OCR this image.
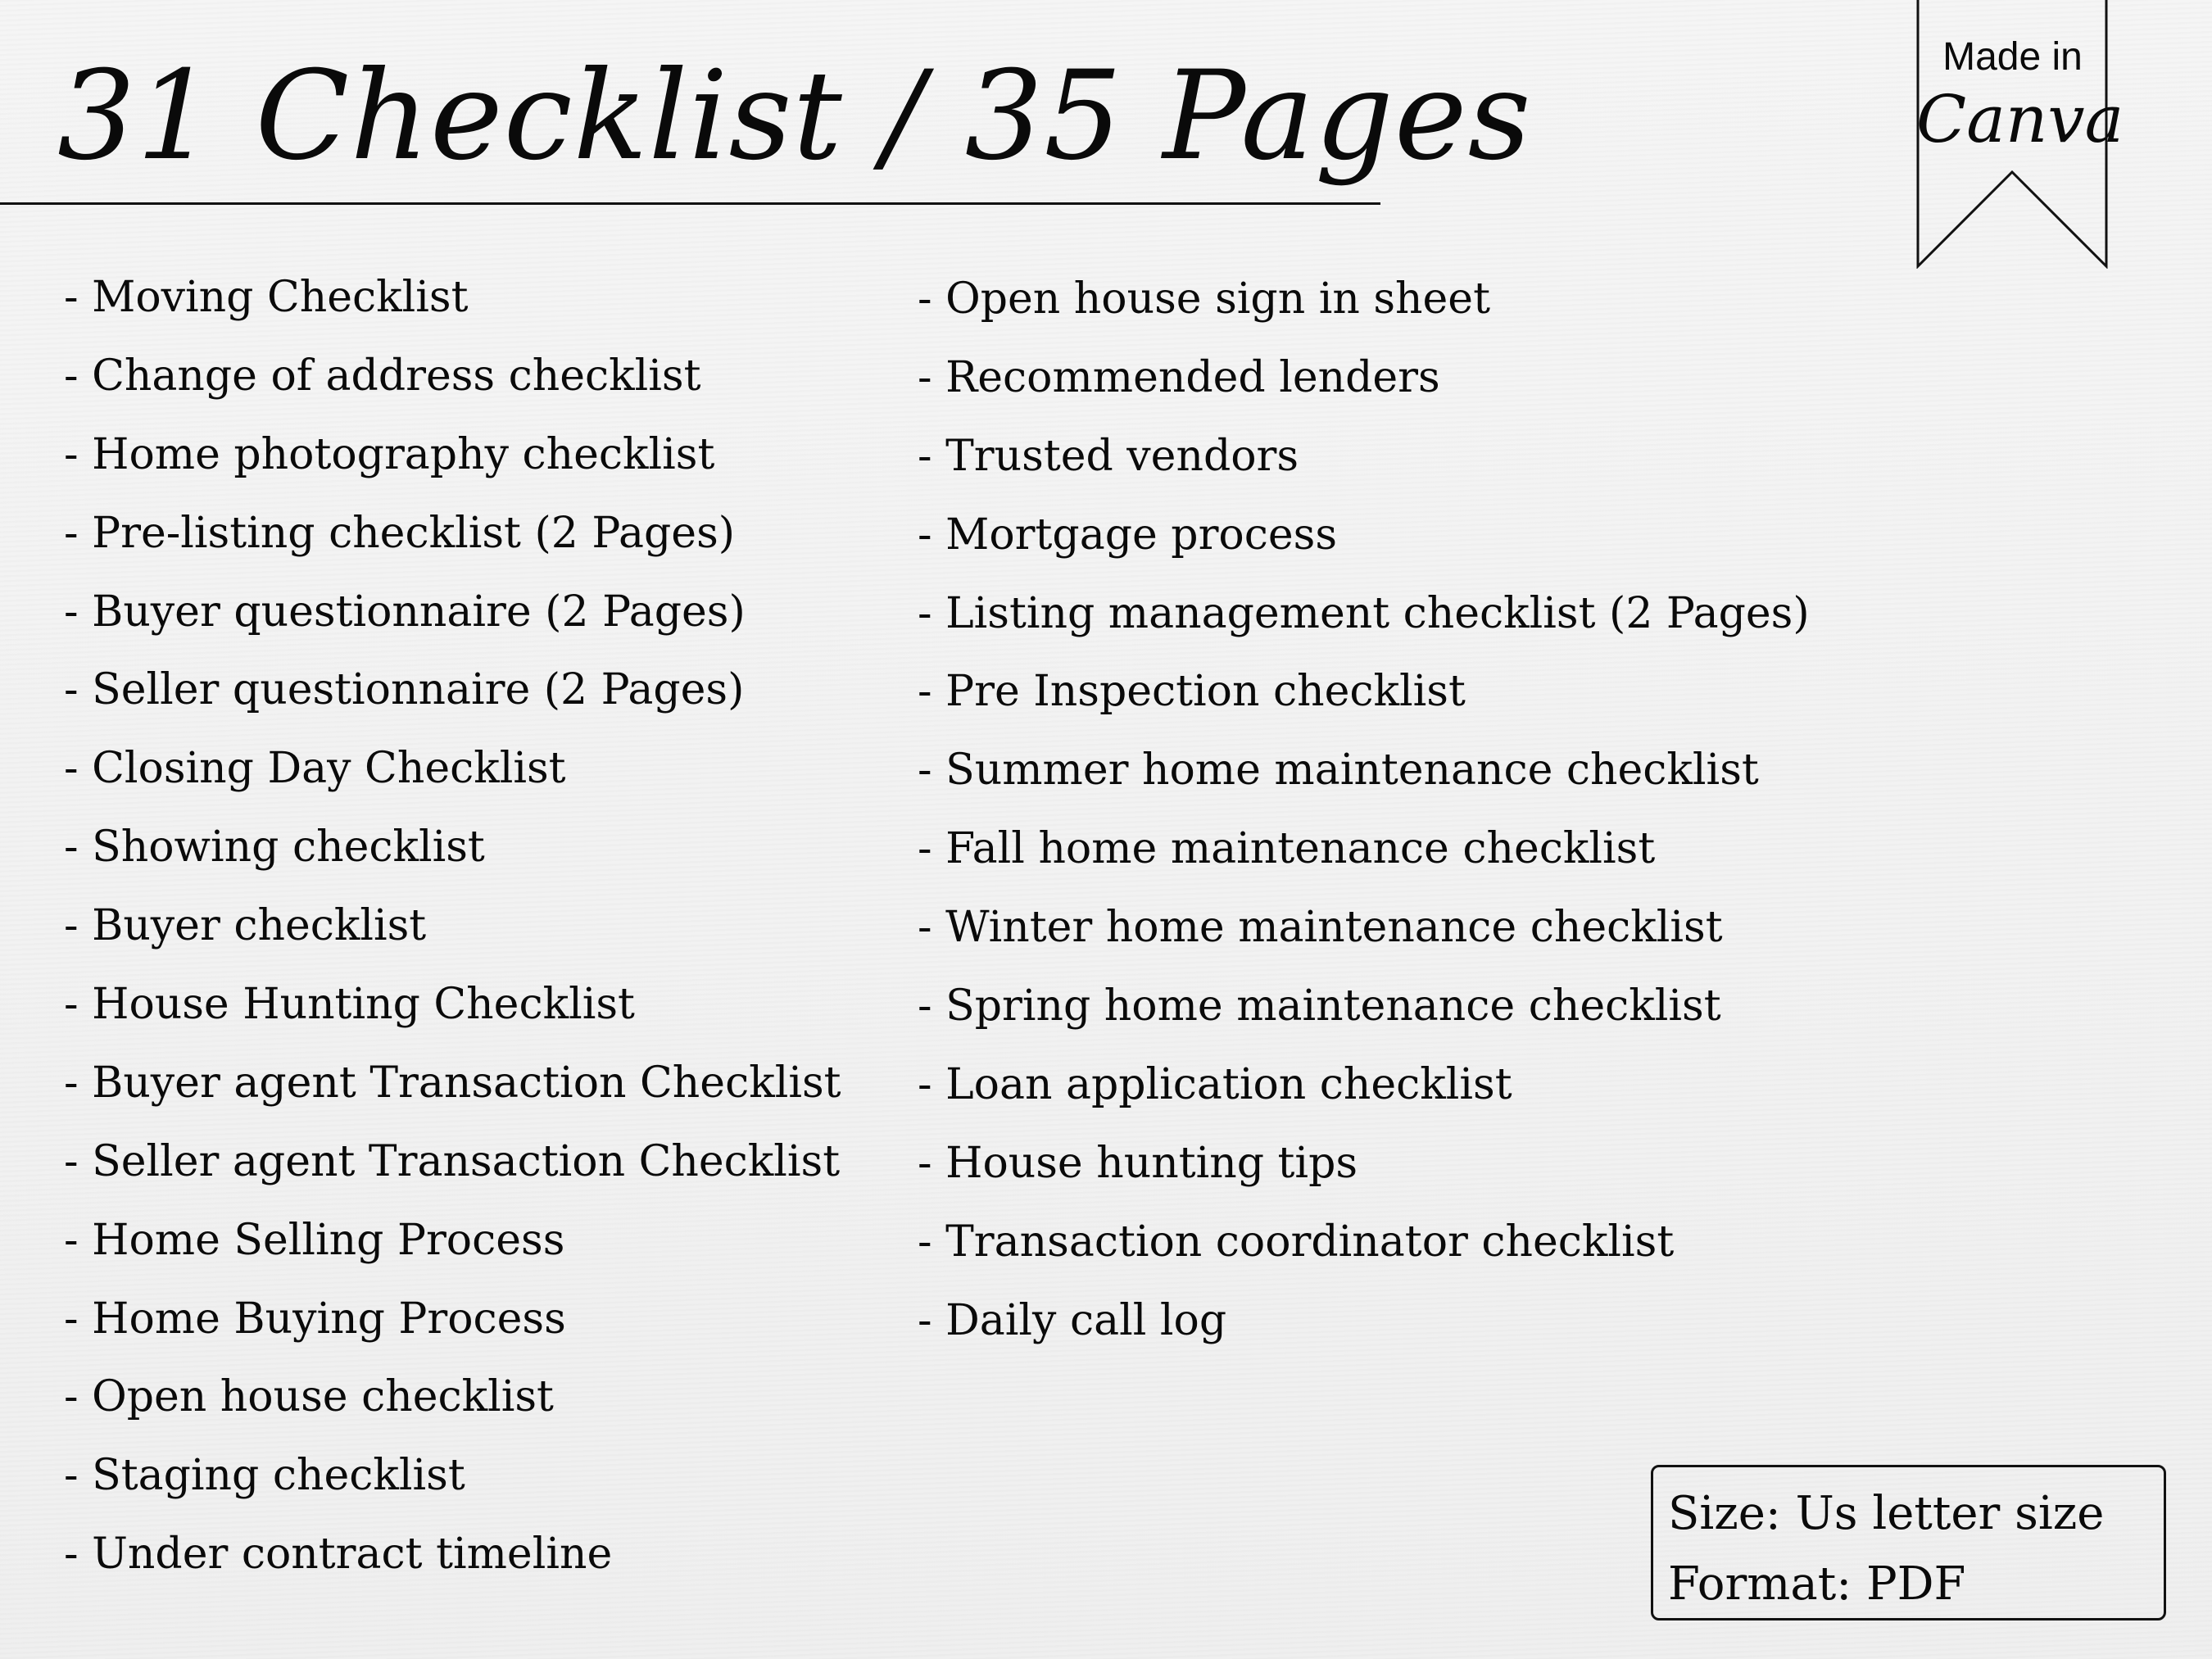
31 Checklist / 35 Pages
- Moving Checklist
- Change of address checklist
- Home photography checklist
- Pre-listing checklist (2 Pages)
- Buyer questionnaire (2 Pages)
- Seller questionnaire (2 Pages)
- Closing Day Checklist
- Showing checklist
- Buyer checklist
- House Hunting Checklist
- Buyer agent Transaction Checklist
- Seller agent Transaction Checklist
- Home Selling Process
- Home Buying Process
- Open house checklist
- Staging checklist
- Under contract timeline
- Open house sign in sheet
- Recommended lenders
- Trusted vendors
- Mortgage process
- Listing management checklist (2 Pages)
- Pre Inspection checklist
- Summer home maintenance checklist
- Fall home maintenance checklist
- Winter home maintenance checklist
- Spring home maintenance checklist
- Loan application checklist
- House hunting tips
- Transaction coordinator checklist
- Daily call log
Made in
Canva
Size: Us letter size
Format: PDF
